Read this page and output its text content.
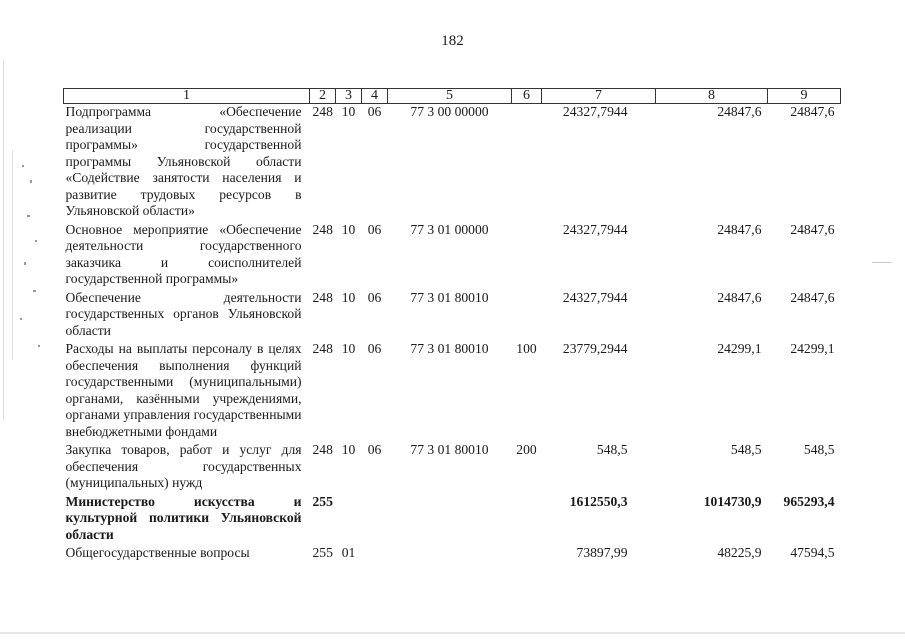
182
1	2	3	4	5	6	7	8	9
Подпрограмма «Обеспечение реализации государственной программы» государственной программы Ульяновской области «Содействие занятости населения и развитие трудовых ресурсов в Ульяновской области»	248	10	06	77 3 00 00000		24327,7944	24847,6	24847,6
Основное мероприятие «Обеспечение деятельности государственного заказчика и соисполнителей государственной программы»	248	10	06	77 3 01 00000		24327,7944	24847,6	24847,6
Обеспечение деятельности государственных органов Ульяновской области	248	10	06	77 3 01 80010		24327,7944	24847,6	24847,6
Расходы на выплаты персоналу в целях обеспечения выполнения функций государственными (муниципальными) органами, казёнными учреждениями, органами управления государственными внебюджетными фондами	248	10	06	77 3 01 80010	100	23779,2944	24299,1	24299,1
Закупка товаров, работ и услуг для обеспечения государственных (муниципальных) нужд	248	10	06	77 3 01 80010	200	548,5	548,5	548,5
Министерство искусства и культурной политики Ульяновской области	255					1612550,3	1014730,9	965293,4
Общегосударственные вопросы	255	01				73897,99	48225,9	47594,5
